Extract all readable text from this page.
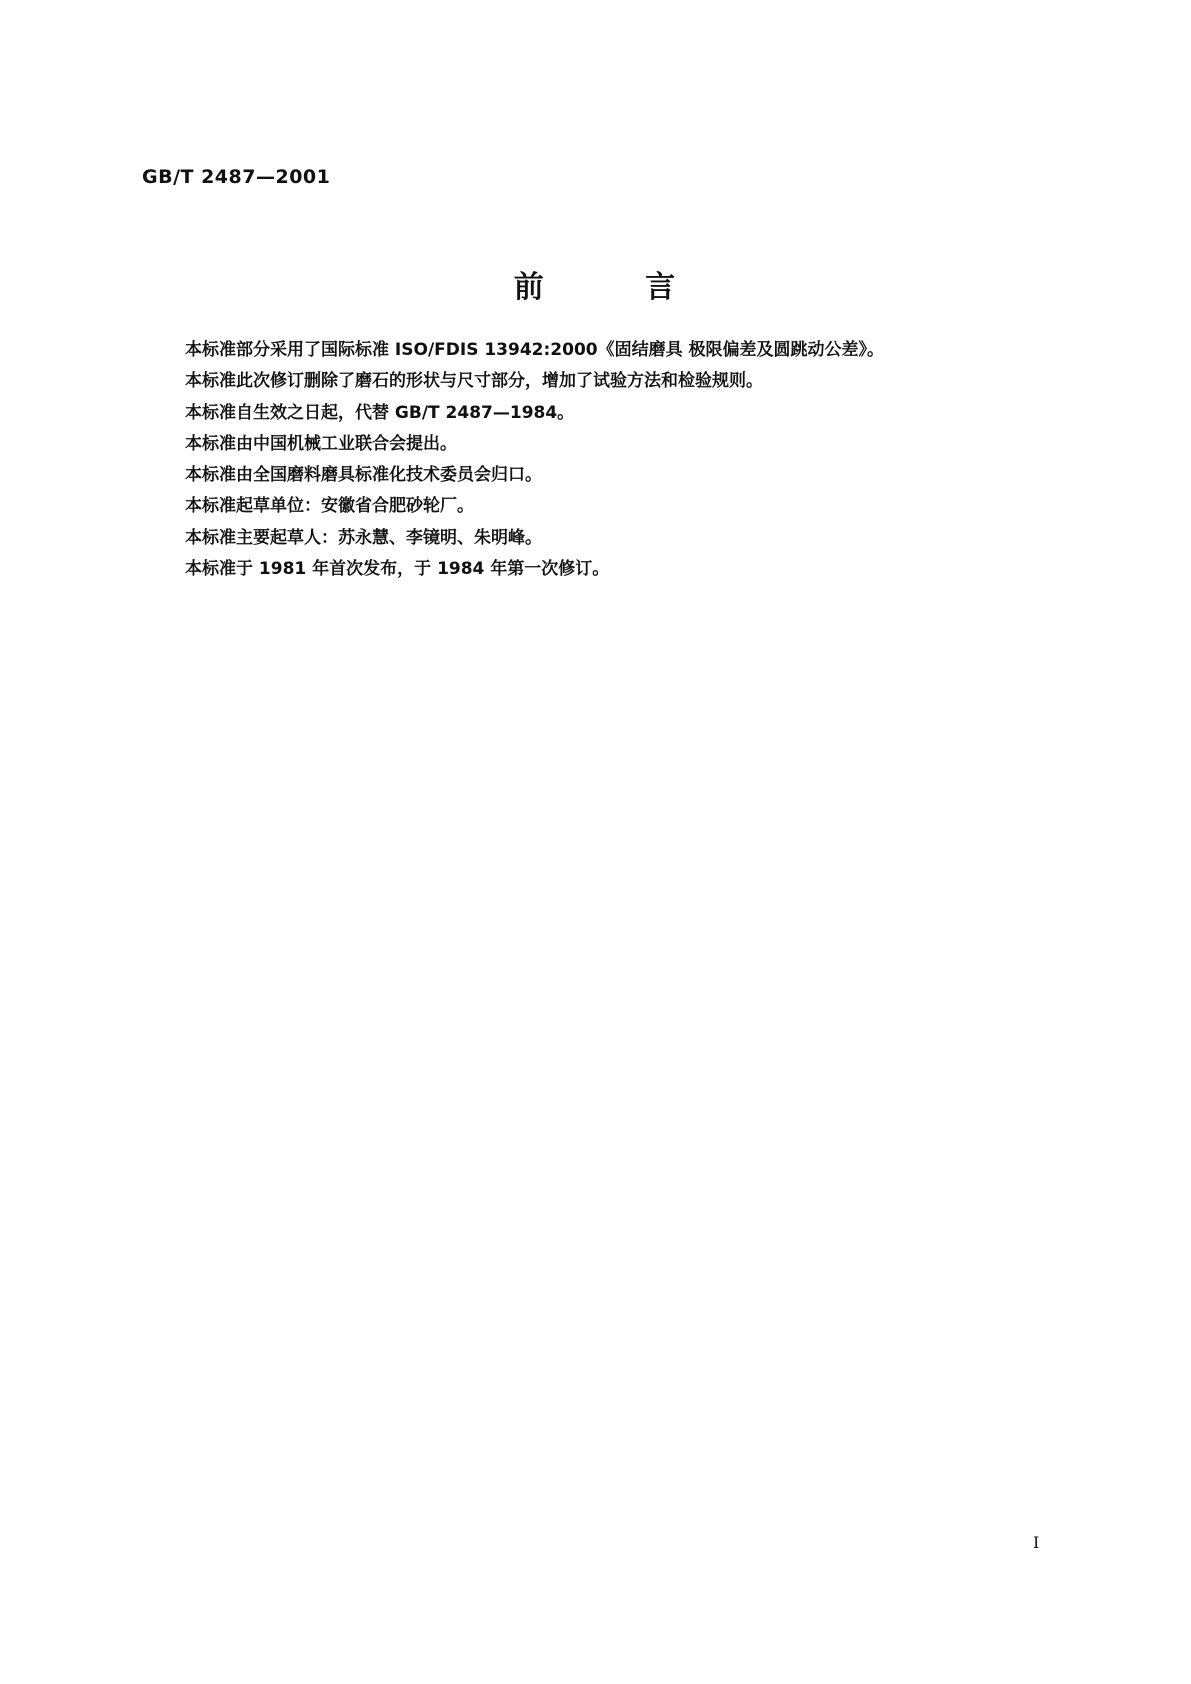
GB/T 2487—2001
前        言
本标准部分采用了国际标准 ISO/FDIS 13942:2000《固结磨具 极限偏差及圆跳动公差》。
本标准此次修订删除了磨石的形状与尺寸部分，增加了试验方法和检验规则。
本标准自生效之日起，代替 GB/T 2487—1984。
本标准由中国机械工业联合会提出。
本标准由全国磨料磨具标准化技术委员会归口。
本标准起草单位：安徽省合肥砂轮厂。
本标准主要起草人：苏永慧、李镜明、朱明峰。
本标准于 1981 年首次发布，于 1984 年第一次修订。
I
